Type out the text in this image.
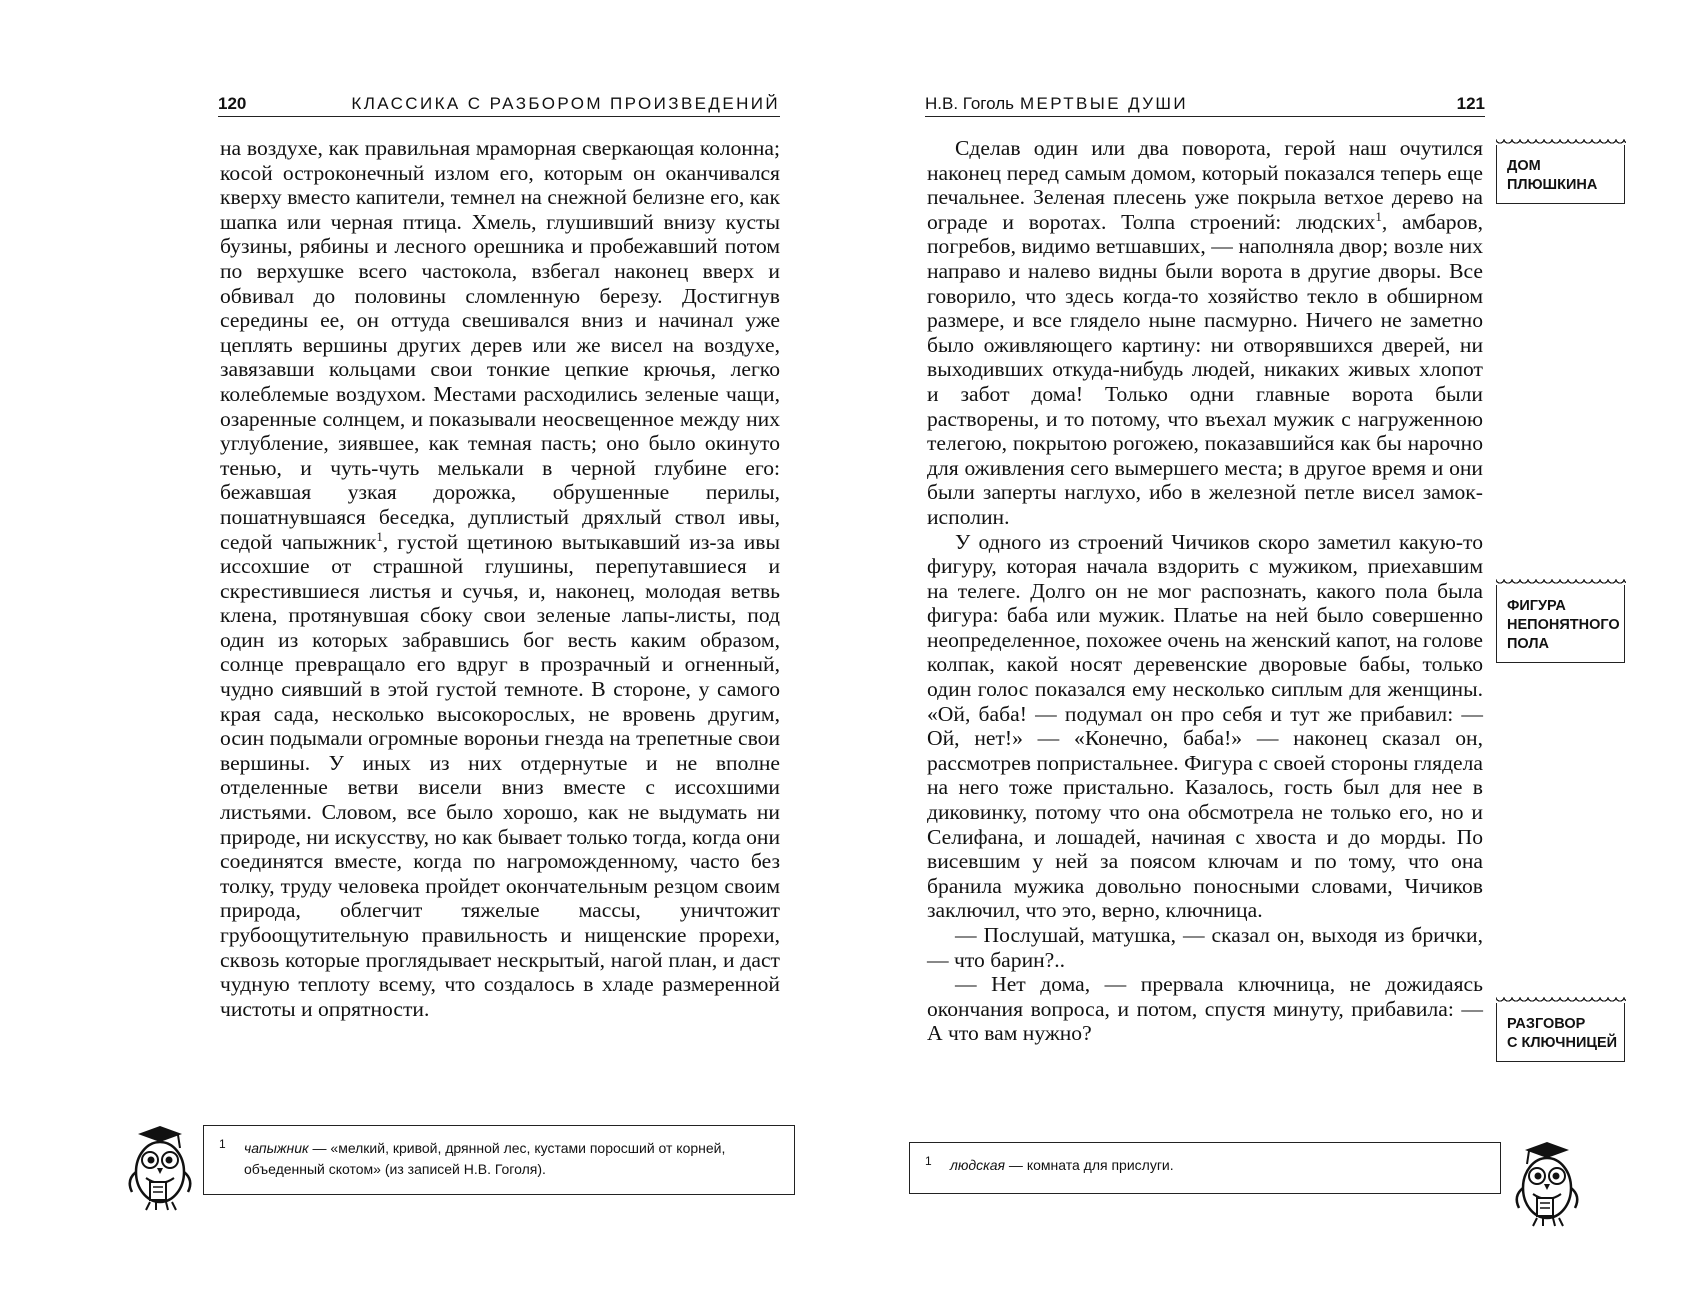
120	КЛАССИКА С РАЗБОРОМ ПРОИЗВЕДЕНИЙ

на воздухе, как правильная мраморная сверкающая колонна; косой остроконечный излом его, которым он оканчивался кверху вместо капители, темнел на снежной белизне его, как шапка или черная птица. Хмель, глушивший внизу кусты бузины, рябины и лесного орешника и пробежавший потом по верхушке всего частокола, взбегал наконец вверх и обвивал до половины сломленную березу. Достигнув середины ее, он оттуда свешивался вниз и начинал уже цеплять вершины других дерев или же висел на воздухе, завязавши кольцами свои тонкие цепкие крючья, легко колеблемые воздухом. Местами расходились зеленые чащи, озаренные солнцем, и показывали неосвещенное между них углубление, зиявшее, как темная пасть; оно было окинуто тенью, и чуть-чуть мелькали в черной глубине его: бежавшая узкая дорожка, обрушенные перилы, пошатнувшаяся беседка, дуплистый дряхлый ствол ивы, седой чапыжник$^1$, густой щетиною вытыкавший из-за ивы иссохшие от страшной глушины, перепутавшиеся и скрестившиеся листья и сучья, и, наконец, молодая ветвь клена, протянувшая сбоку свои зеленые лапы-листы, под один из которых забравшись бог весть каким образом, солнце превращало его вдруг в прозрачный и огненный, чудно сиявший в этой густой темноте. В стороне, у самого края сада, несколько высокорослых, не вровень другим, осин подымали огромные вороньи гнезда на трепетные свои вершины. У иных из них отдернутые и не вполне отделенные ветви висели вниз вместе с иссохшими листьями. Словом, все было хорошо, как не выдумать ни природе, ни искусству, но как бывает только тогда, когда они соединятся вместе, когда по нагроможденному, часто без толку, труду человека пройдет окончательным резцом своим природа, облегчит тяжелые массы, уничтожит грубоощутительную правильность и нищенские прорехи, сквозь которые проглядывает нескрытый, нагой план, и даст чудную теплоту всему, что создалось в хладе размеренной чистоты и опрятности.

1 чапыжник — «мелкий, кривой, дрянной лес, кустами поросший от корней, объеденный скотом» (из записей Н.В. Гоголя).
Н.В. Гоголь МЕРТВЫЕ ДУШИ	121

Сделав один или два поворота, герой наш очутился наконец перед самым домом, который показался теперь еще печальнее. Зеленая плесень уже покрыла ветхое дерево на ограде и воротах. Толпа строений: людских$^1$, амбаров, погребов, видимо ветшавших, — наполняла двор; возле них направо и налево видны были ворота в другие дворы. Все говорило, что здесь когда-то хозяйство текло в обширном размере, и все глядело ныне пасмурно. Ничего не заметно было оживляющего картину: ни отворявшихся дверей, ни выходивших откуда-нибудь людей, никаких живых хлопот и забот дома! Только одни главные ворота были растворены, и то потому, что въехал мужик с нагруженною телегою, покрытою рогожею, показавшийся как бы нарочно для оживления сего вымершего места; в другое время и они были заперты наглухо, ибо в железной петле висел замок-исполин.

У одного из строений Чичиков скоро заметил какую-то фигуру, которая начала вздорить с мужиком, приехавшим на телеге. Долго он не мог распознать, какого пола была фигура: баба или мужик. Платье на ней было совершенно неопределенное, похожее очень на женский капот, на голове колпак, какой носят деревенские дворовые бабы, только один голос показался ему несколько сиплым для женщины. «Ой, баба! — подумал он про себя и тут же прибавил: — Ой, нет!» — «Конечно, баба!» — наконец сказал он, рассмотрев попристальнее. Фигура с своей стороны глядела на него тоже пристально. Казалось, гость был для нее в диковинку, потому что она обсмотрела не только его, но и Селифана, и лошадей, начиная с хвоста и до морды. По висевшим у ней за поясом ключам и по тому, что она бранила мужика довольно поносными словами, Чичиков заключил, что это, верно, ключница.

— Послушай, матушка, — сказал он, выходя из брички, — что барин?..

— Нет дома, — прервала ключница, не дожидаясь окончания вопроса, и потом, спустя минуту, прибавила: — А что вам нужно?

ДОМ
ПЛЮШКИНА
ФИГУРА
НЕПОНЯТНОГО
ПОЛА
РАЗГОВОР
С КЛЮЧНИЦЕЙ
1 людская — комната для прислуги.
